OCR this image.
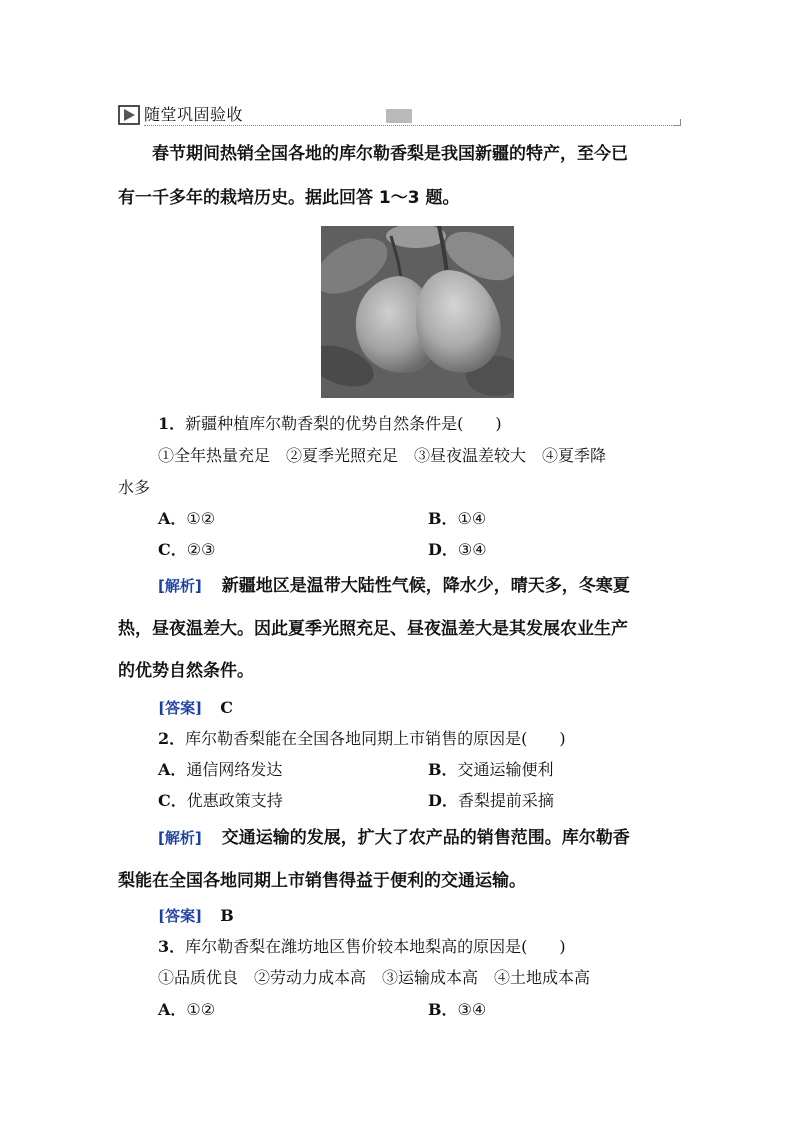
随堂巩固验收
春节期间热销全国各地的库尔勒香梨是我国新疆的特产，至今已
有一千多年的栽培历史。据此回答 1～3 题。
1．新疆种植库尔勒香梨的优势自然条件是(　　)
①全年热量充足　②夏季光照充足　③昼夜温差较大　④夏季降
水多
A．①②	B．①④
C．②③	D．③④
[解析] 新疆地区是温带大陆性气候，降水少，晴天多，冬寒夏
热，昼夜温差大。因此夏季光照充足、昼夜温差大是其发展农业生产
的优势自然条件。
[答案] C
2．库尔勒香梨能在全国各地同期上市销售的原因是(　　)
A．通信网络发达	B．交通运输便利
C．优惠政策支持	D．香梨提前采摘
[解析] 交通运输的发展，扩大了农产品的销售范围。库尔勒香
梨能在全国各地同期上市销售得益于便利的交通运输。
[答案] B
3．库尔勒香梨在潍坊地区售价较本地梨高的原因是(　　)
①品质优良　②劳动力成本高　③运输成本高　④土地成本高
A．①②	B．③④
